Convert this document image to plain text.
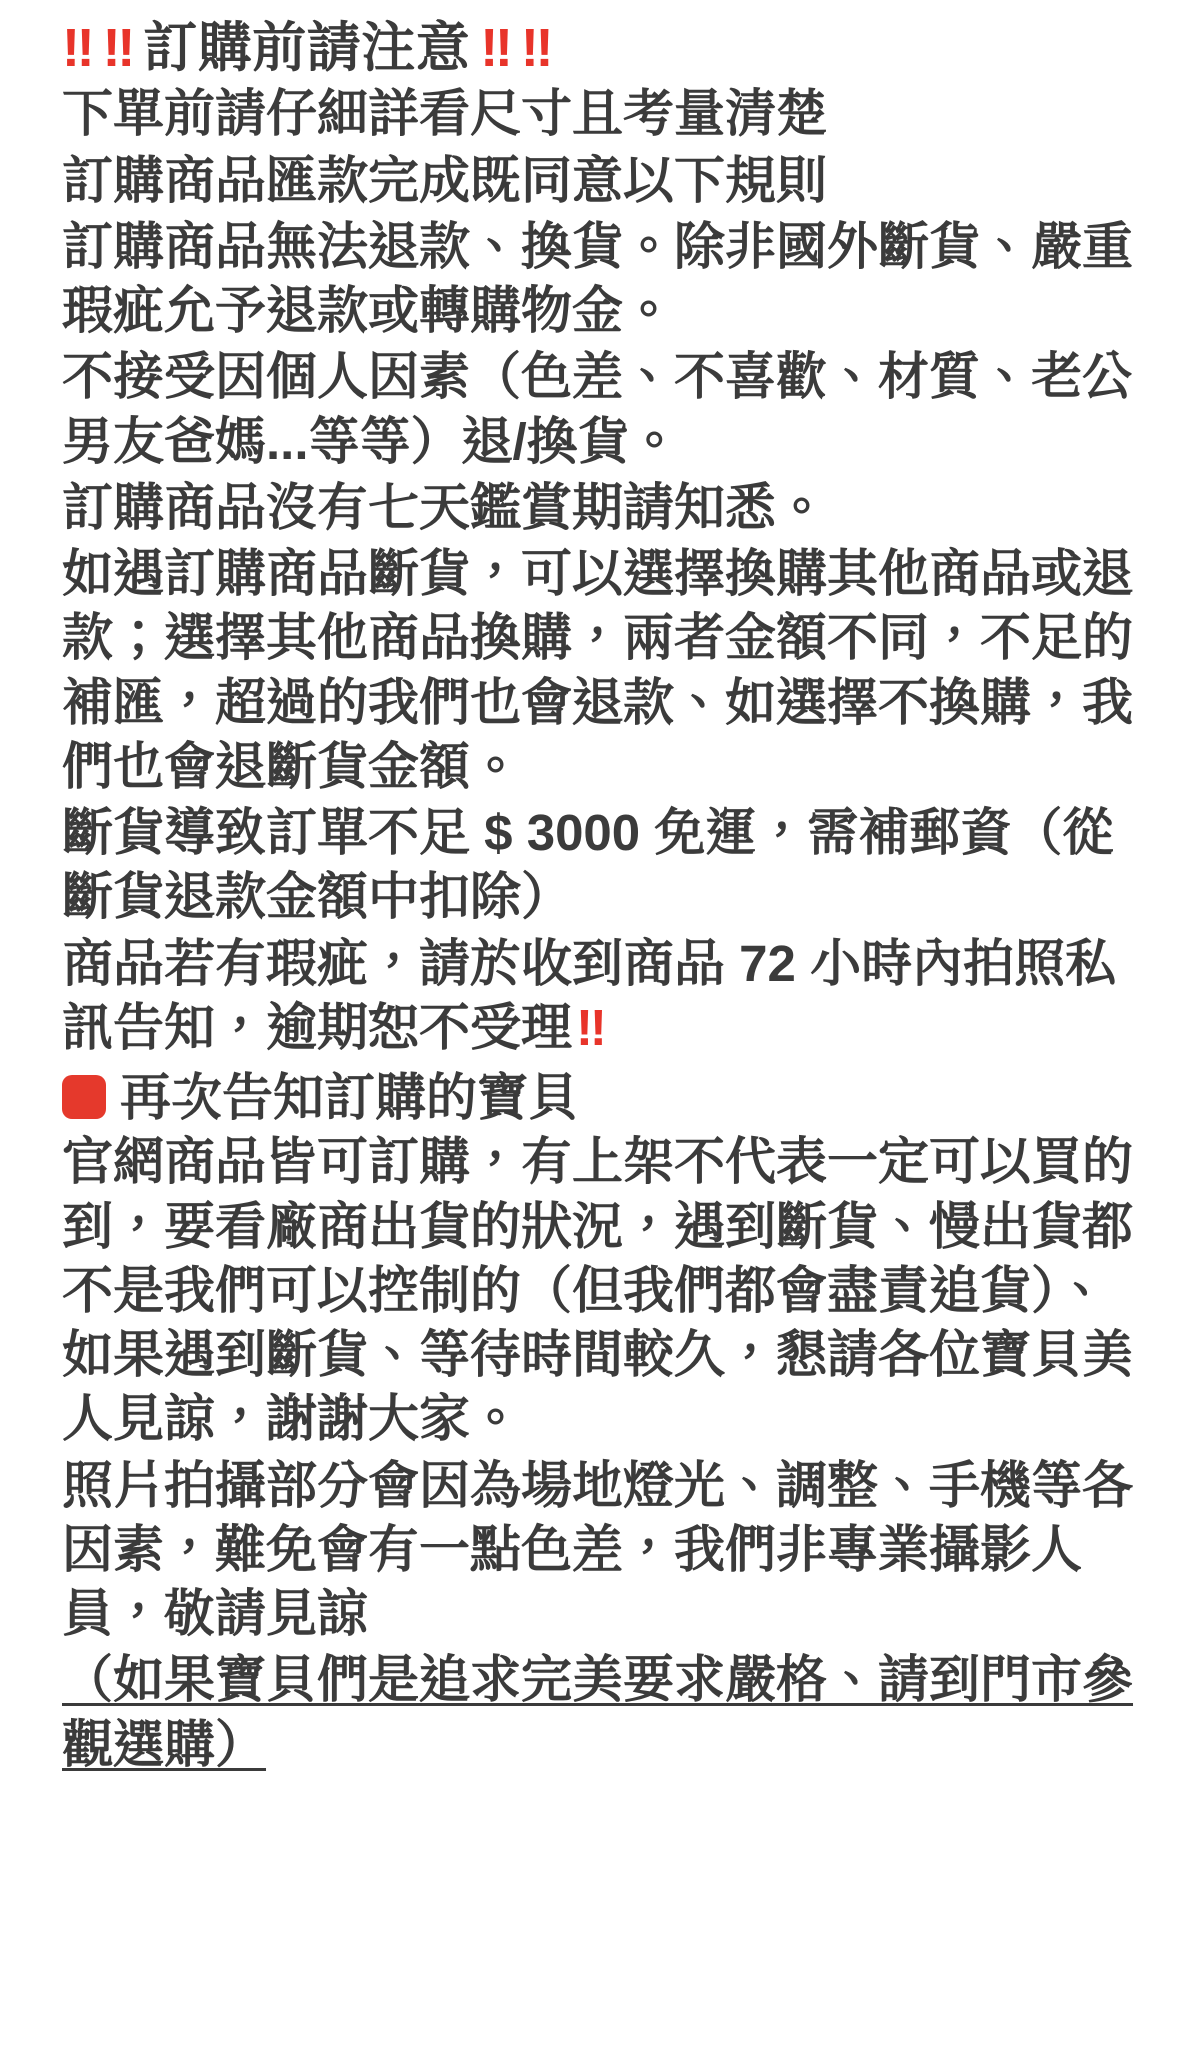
‼ ‼ 訂購前請注意 ‼ ‼

下單前請仔細詳看尺寸且考量清楚

訂購商品匯款完成既同意以下規則

訂購商品無法退款、換貨。除非國外斷貨、嚴重瑕疵允予退款或轉購物金。

不接受因個人因素（色差、不喜歡、材質、老公男友爸媽...等等）退/換貨。

訂購商品沒有七天鑑賞期請知悉。

如遇訂購商品斷貨，可以選擇換購其他商品或退款；選擇其他商品換購，兩者金額不同，不足的補匯，超過的我們也會退款、如選擇不換購，我們也會退斷貨金額。

斷貨導致訂單不足 $ 3000 免運，需補郵資（從斷貨退款金額中扣除）

商品若有瑕疵，請於收到商品 72 小時內拍照私訊告知，逾期恕不受理‼

再次告知訂購的寶貝

官網商品皆可訂購，有上架不代表一定可以買的到，要看廠商出貨的狀況，遇到斷貨、慢出貨都不是我們可以控制的（但我們都會盡責追貨）、如果遇到斷貨、等待時間較久，懇請各位寶貝美人見諒，謝謝大家。

照片拍攝部分會因為場地燈光、調整、手機等各因素，難免會有一點色差，我們非專業攝影人員，敬請見諒

（如果寶貝們是追求完美要求嚴格、請到門市參觀選購）
